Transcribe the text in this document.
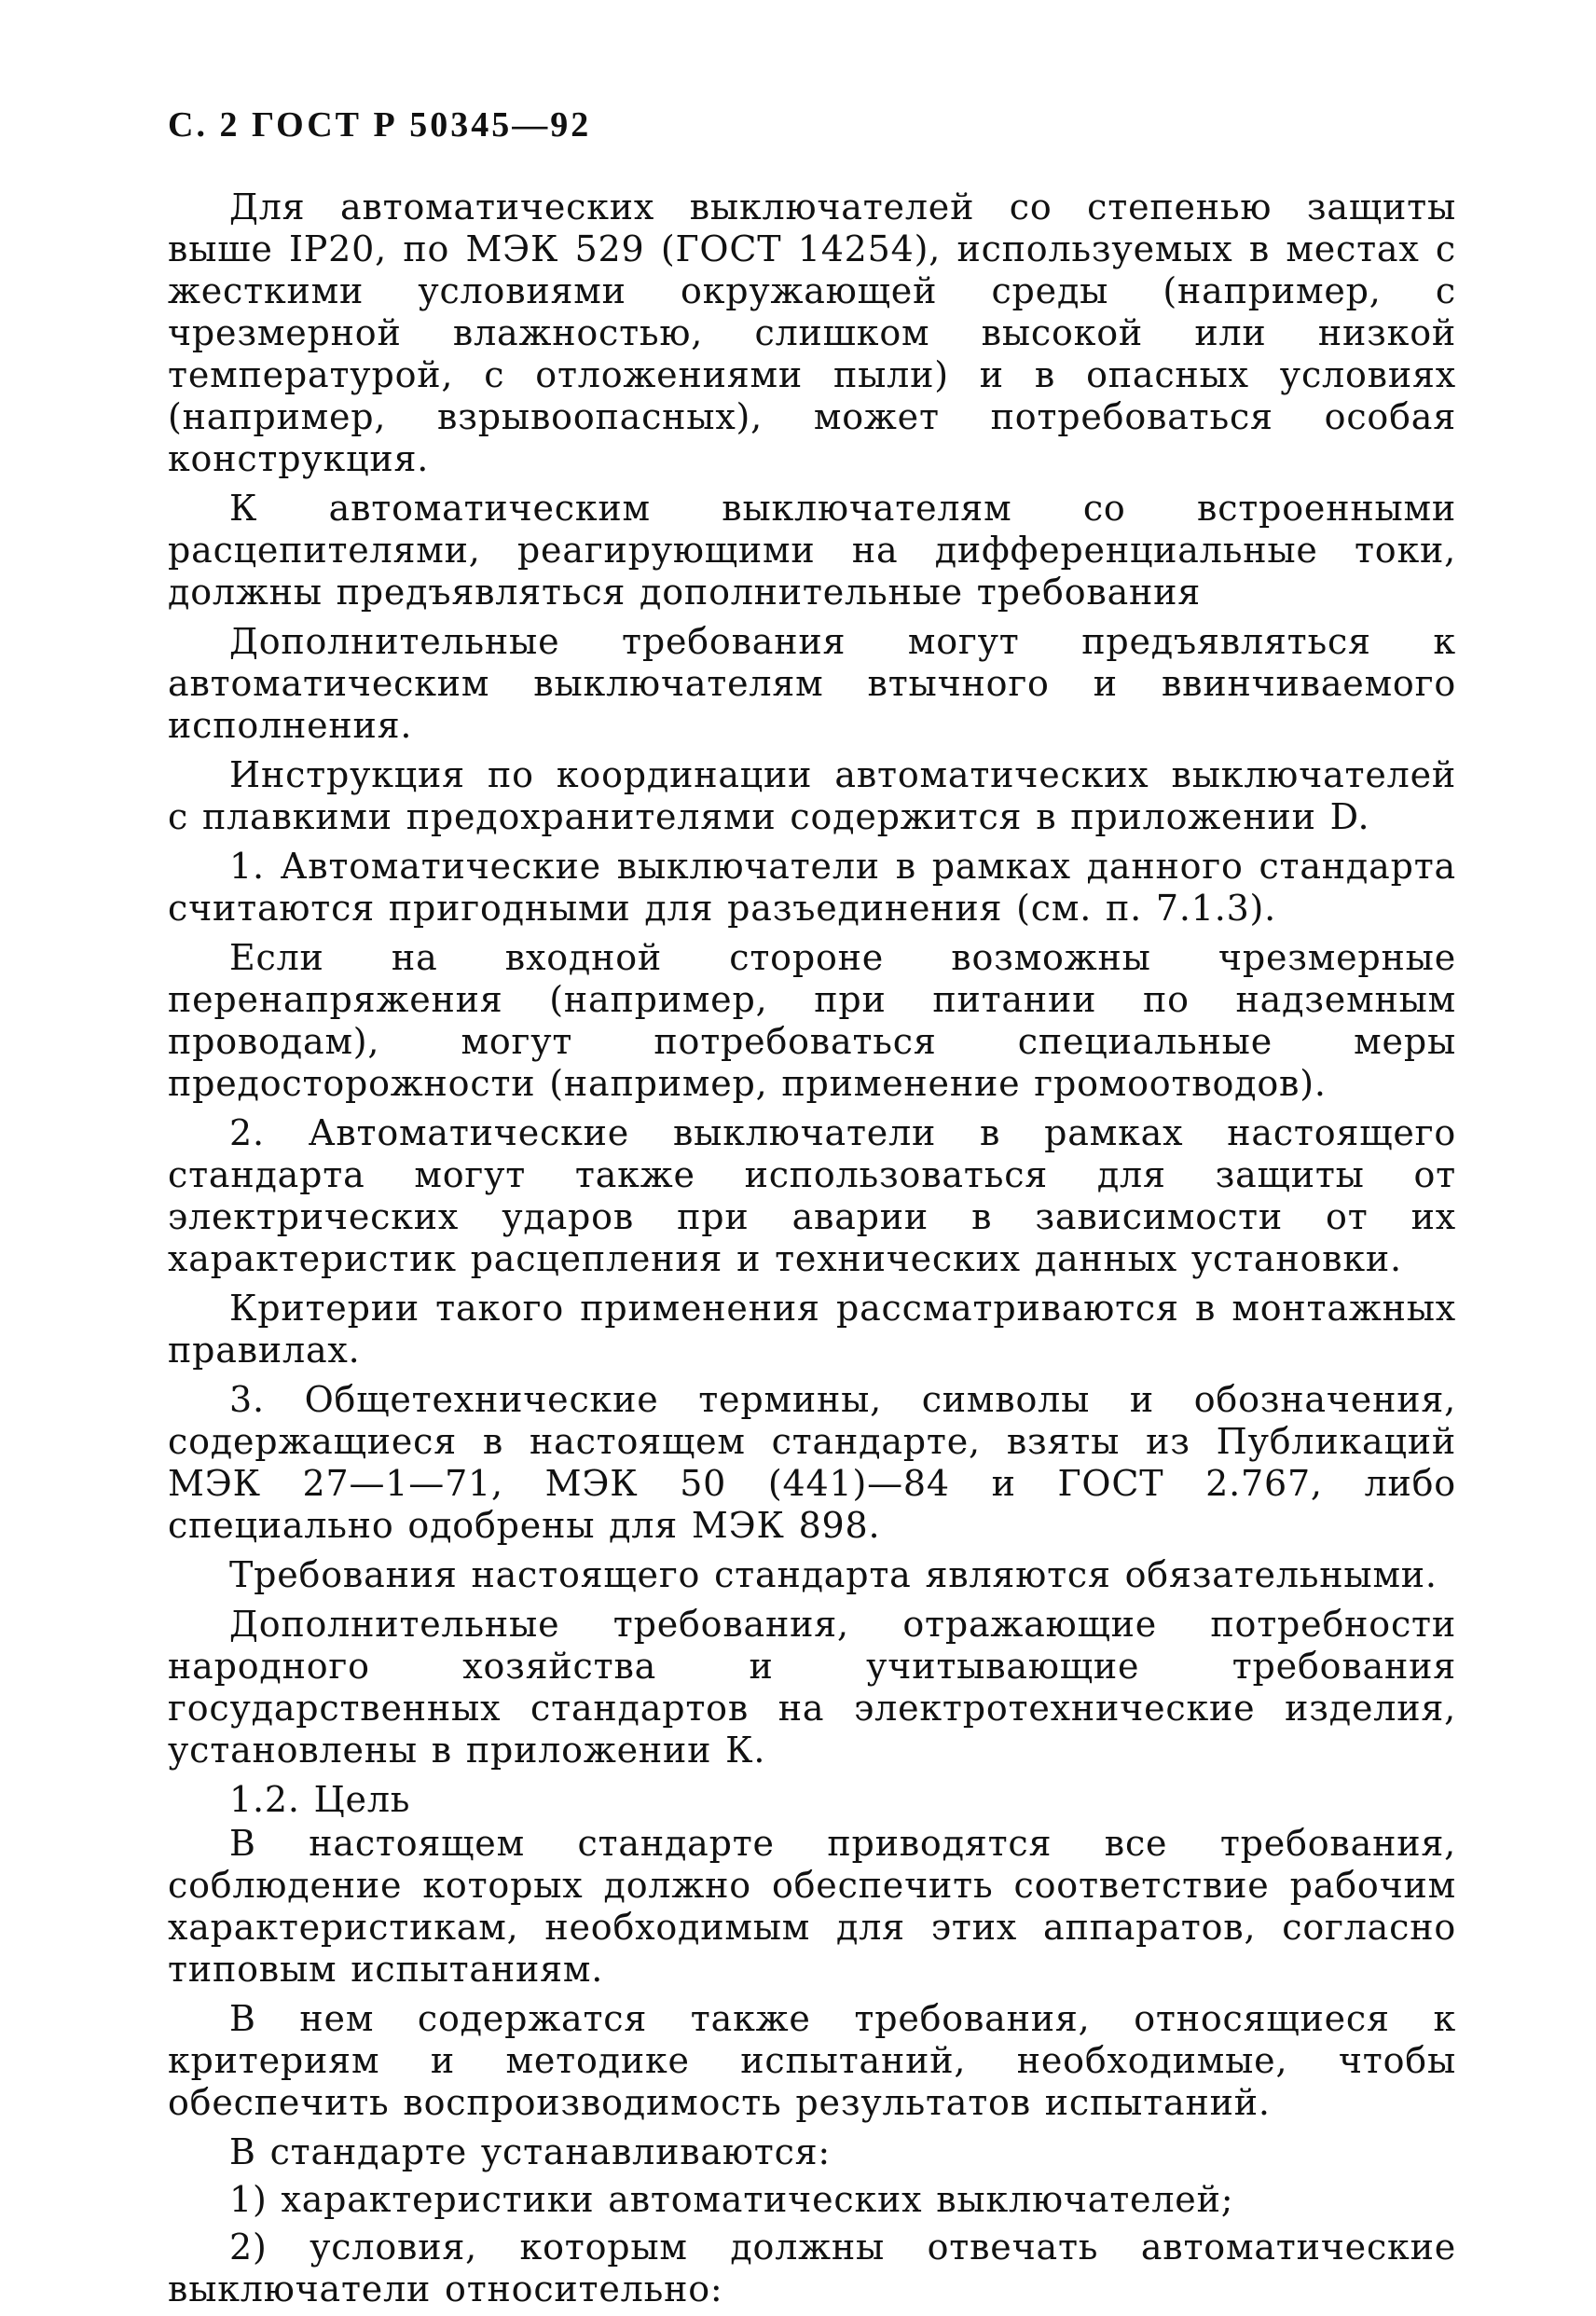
С. 2 ГОСТ Р 50345—92

Для автоматических выключателей со степенью защиты выше IP20, по МЭК 529 (ГОСТ 14254), используемых в местах с жесткими условиями окружающей среды (например, с чрезмерной влажностью, слишком высокой или низкой температурой, с отложениями пыли) и в опасных условиях (например, взрывоопасных), может потребоваться особая конструкция.

К автоматическим выключателям со встроенными расцепителями, реагирующими на дифференциальные токи, должны предъявляться дополнительные требования

Дополнительные требования могут предъявляться к автоматическим выключателям втычного и ввинчиваемого исполнения.

Инструкция по координации автоматических выключателей с плавкими предохранителями содержится в приложении D.

1. Автоматические выключатели в рамках данного стандарта считаются пригодными для разъединения (см. п. 7.1.3).

Если на входной стороне возможны чрезмерные перенапряжения (например, при питании по надземным проводам), могут потребоваться специальные меры предосторожности (например, применение громоотводов).

2. Автоматические выключатели в рамках настоящего стандарта могут также использоваться для защиты от электрических ударов при аварии в зависимости от их характеристик расцепления и технических данных установки.

Критерии такого применения рассматриваются в монтажных правилах.

3. Общетехнические термины, символы и обозначения, содержащиеся в настоящем стандарте, взяты из Публикаций МЭК 27—1—71, МЭК 50 (441)—84 и ГОСТ 2.767, либо специально одобрены для МЭК 898.

Требования настоящего стандарта являются обязательными.

Дополнительные требования, отражающие потребности народного хозяйства и учитывающие требования государственных стандартов на электротехнические изделия, установлены в приложении К.

1.2. Цель

В настоящем стандарте приводятся все требования, соблюдение которых должно обеспечить соответствие рабочим характеристикам, необходимым для этих аппаратов, согласно типовым испытаниям.

В нем содержатся также требования, относящиеся к критериям и методике испытаний, необходимые, чтобы обеспечить воспроизводимость результатов испытаний.

В стандарте устанавливаются:

1) характеристики автоматических выключателей;

2) условия, которым должны отвечать автоматические выключатели относительно:
